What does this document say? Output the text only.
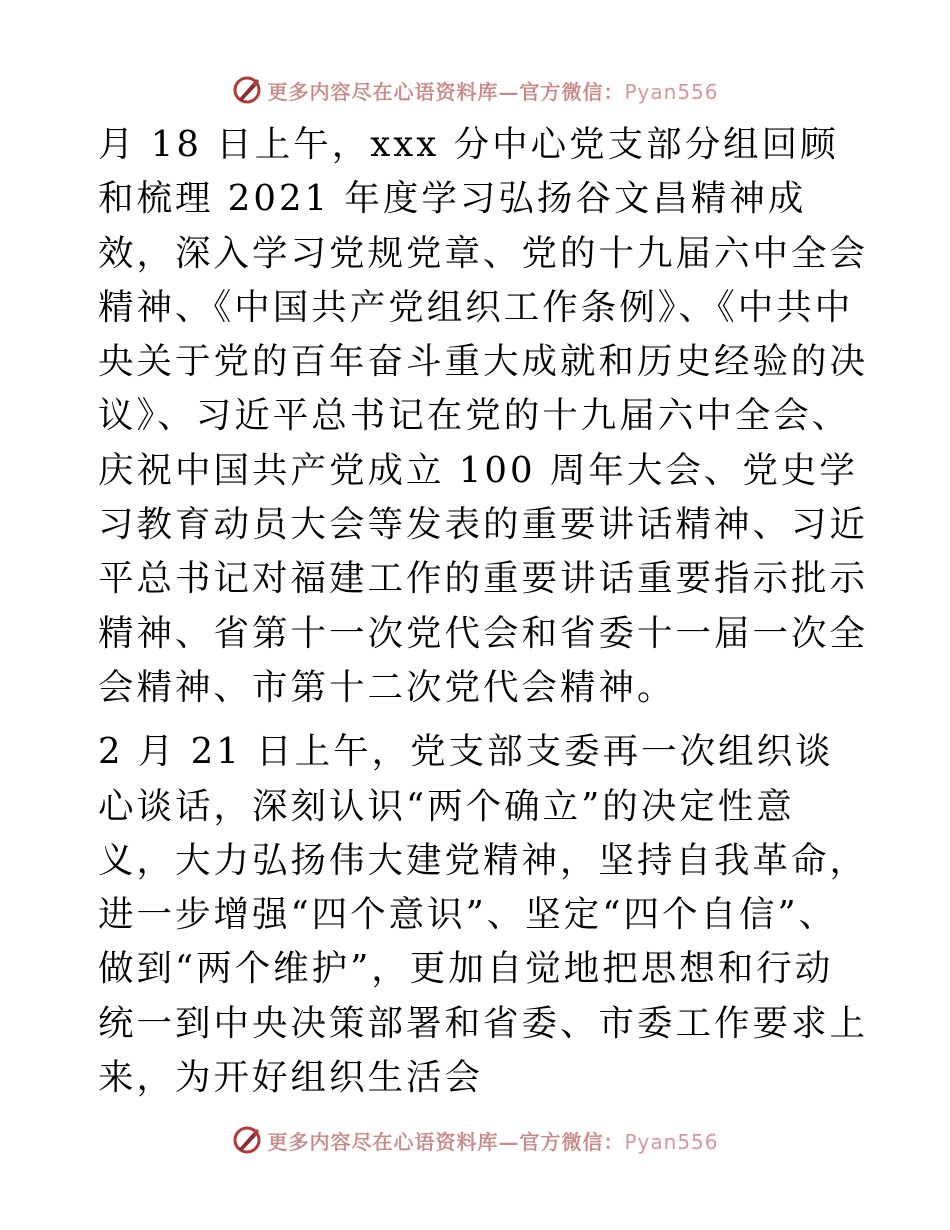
更多内容尽在心语资料库—官方微信：Pyan556

月 18 日上午，xxx 分中心党支部分组回顾和梳理 2021 年度学习弘扬谷文昌精神成效，深入学习党规党章、党的十九届六中全会精神、《中国共产党组织工作条例》、《中共中央关于党的百年奋斗重大成就和历史经验的决议》、习近平总书记在党的十九届六中全会、庆祝中国共产党成立 100 周年大会、党史学习教育动员大会等发表的重要讲话精神、习近平总书记对福建工作的重要讲话重要指示批示精神、省第十一次党代会和省委十一届一次全会精神、市第十二次党代会精神。

2 月 21 日上午，党支部支委再一次组织谈心谈话，深刻认识“两个确立”的决定性意义，大力弘扬伟大建党精神，坚持自我革命，进一步增强“四个意识”、坚定“四个自信”、做到“两个维护”，更加自觉地把思想和行动统一到中央决策部署和省委、市委工作要求上来，为开好组织生活会

更多内容尽在心语资料库—官方微信：Pyan556
